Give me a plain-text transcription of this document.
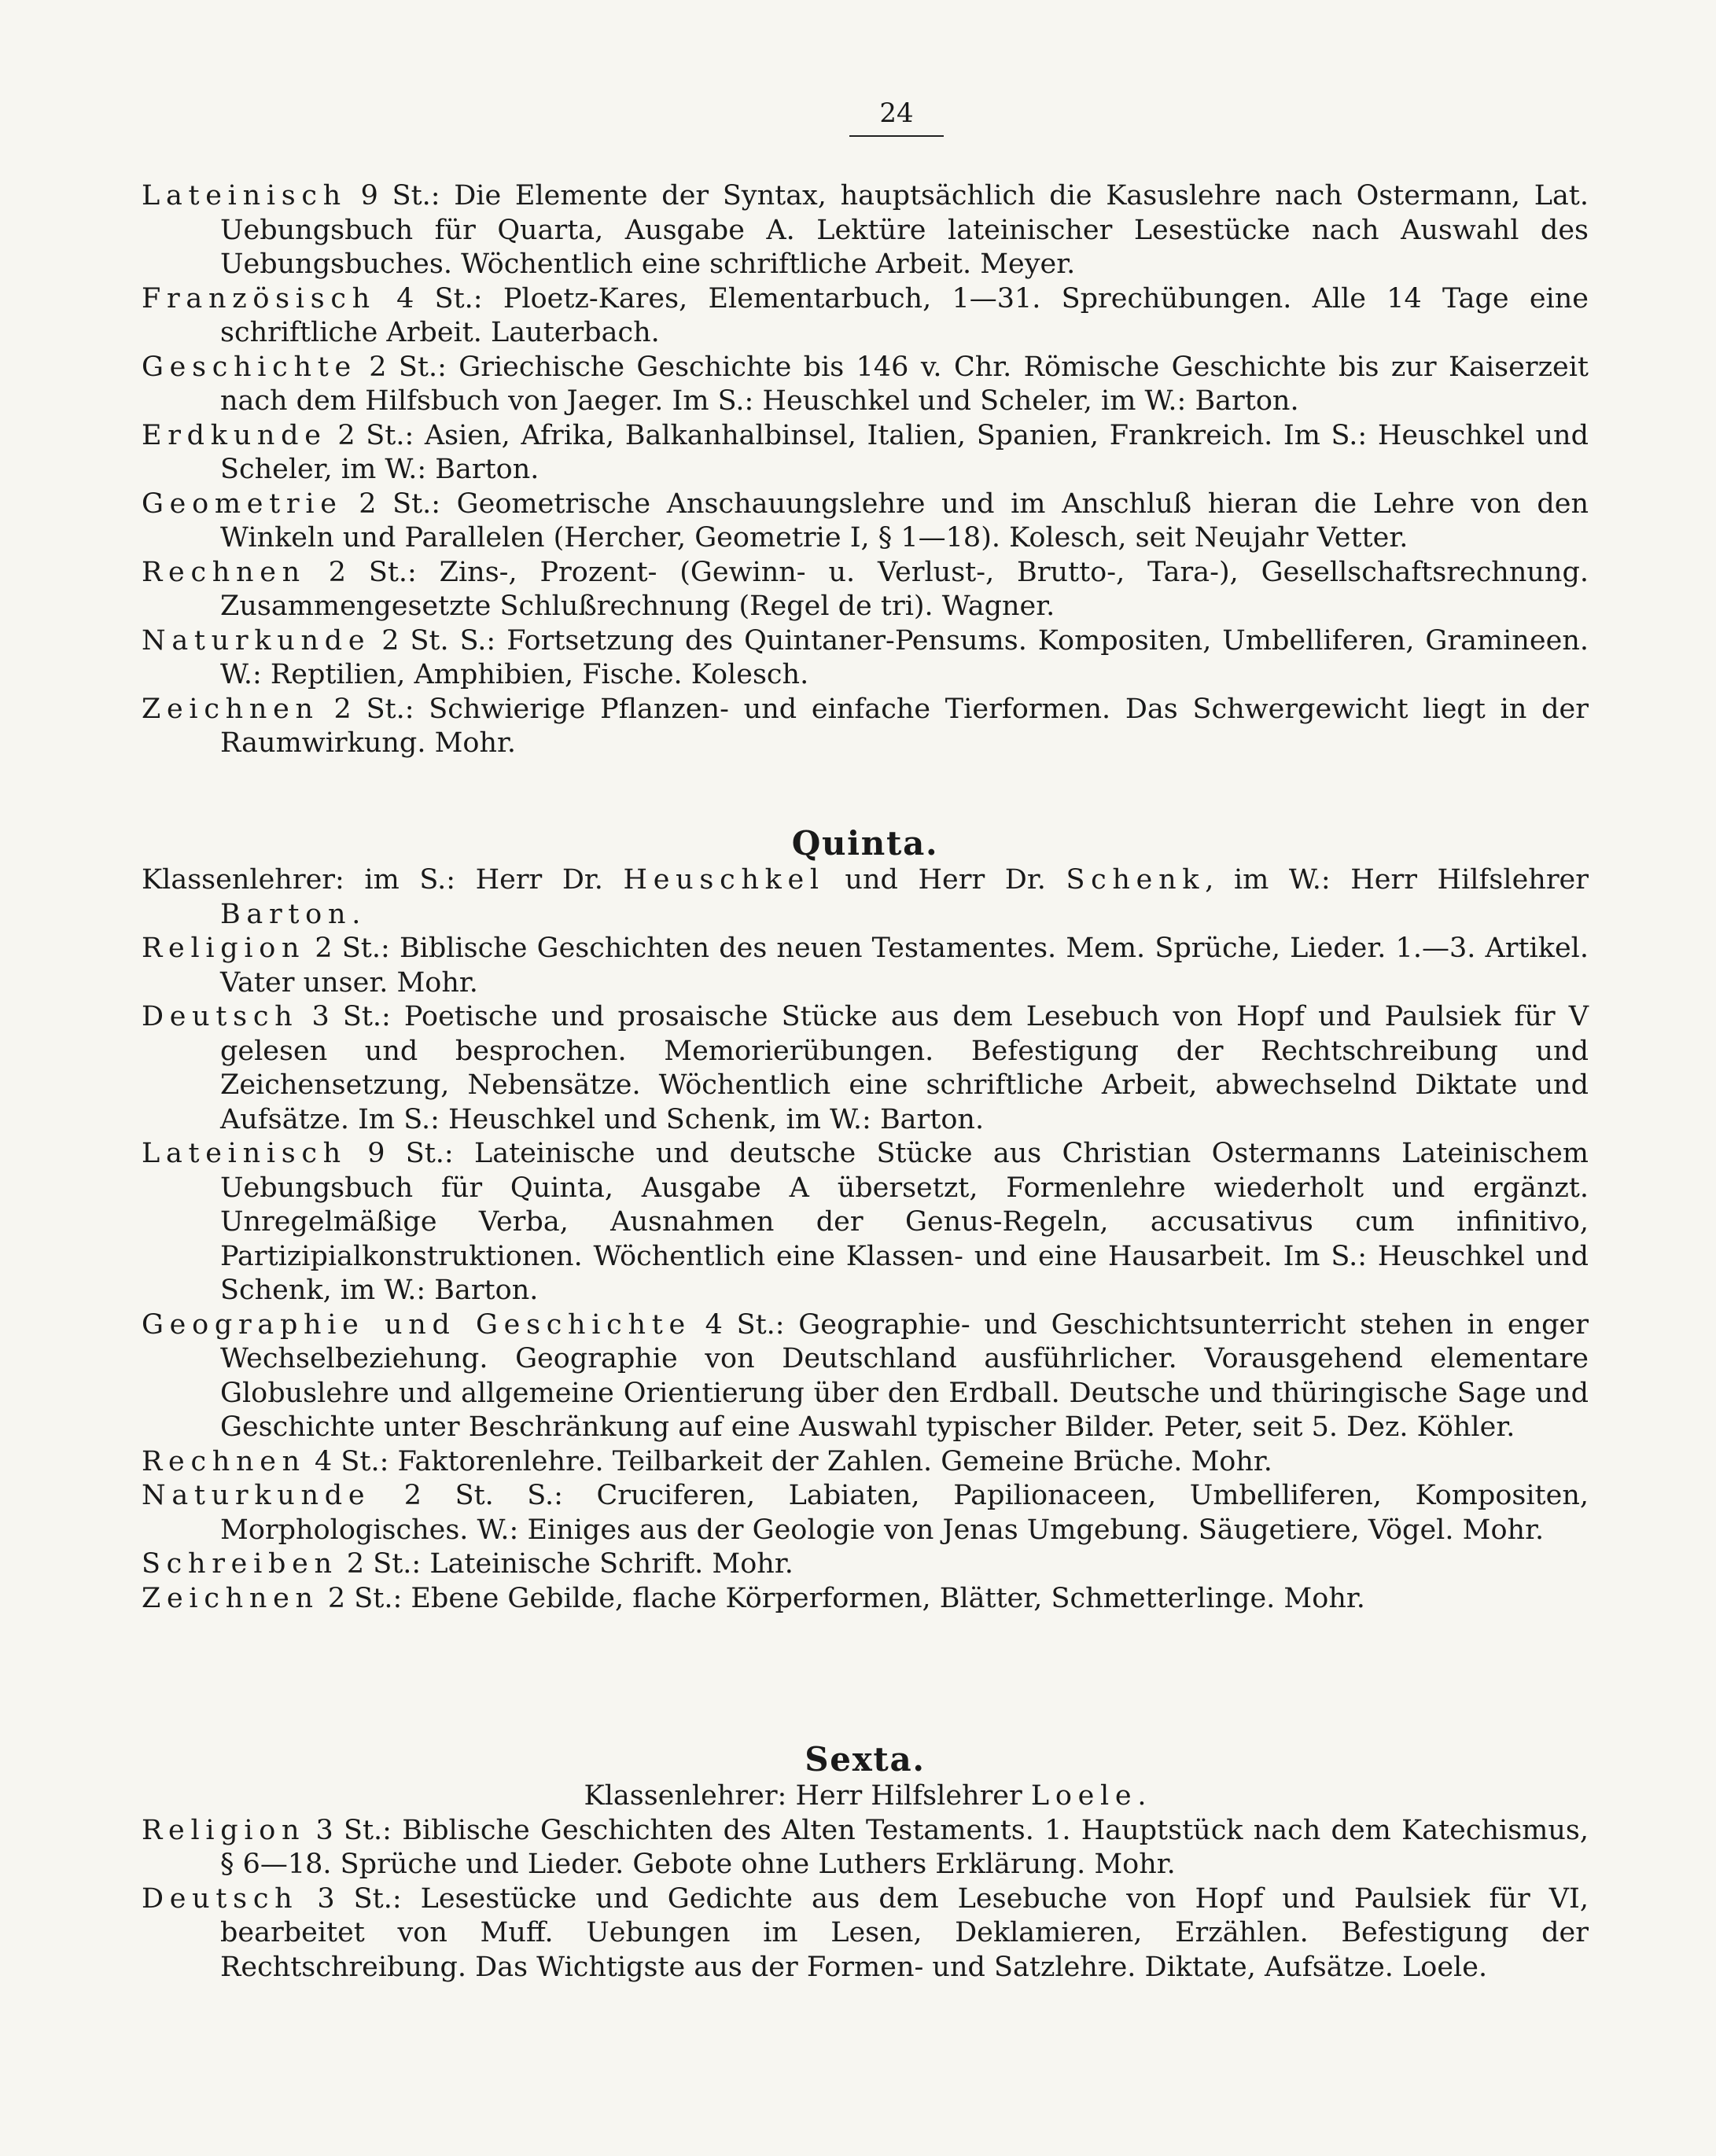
24

Lateinisch 9 St.: Die Elemente der Syntax, hauptsächlich die Kasuslehre nach Ostermann, Lat. Uebungsbuch für Quarta, Ausgabe A. Lektüre lateinischer Lesestücke nach Auswahl des Uebungsbuches. Wöchentlich eine schriftliche Arbeit. Meyer.

Französisch 4 St.: Ploetz-Kares, Elementarbuch, 1—31. Sprechübungen. Alle 14 Tage eine schriftliche Arbeit. Lauterbach.

Geschichte 2 St.: Griechische Geschichte bis 146 v. Chr. Römische Geschichte bis zur Kaiserzeit nach dem Hilfsbuch von Jaeger. Im S.: Heuschkel und Scheler, im W.: Barton.

Erdkunde 2 St.: Asien, Afrika, Balkanhalbinsel, Italien, Spanien, Frankreich. Im S.: Heuschkel und Scheler, im W.: Barton.

Geometrie 2 St.: Geometrische Anschauungslehre und im Anschluß hieran die Lehre von den Winkeln und Parallelen (Hercher, Geometrie I, § 1—18). Kolesch, seit Neujahr Vetter.

Rechnen 2 St.: Zins-, Prozent- (Gewinn- u. Verlust-, Brutto-, Tara-), Gesellschaftsrechnung. Zusammengesetzte Schlußrechnung (Regel de tri). Wagner.

Naturkunde 2 St. S.: Fortsetzung des Quintaner-Pensums. Kompositen, Umbelliferen, Gramineen. W.: Reptilien, Amphibien, Fische. Kolesch.

Zeichnen 2 St.: Schwierige Pflanzen- und einfache Tierformen. Das Schwergewicht liegt in der Raumwirkung. Mohr.

Quinta.

Klassenlehrer: im S.: Herr Dr. Heuschkel und Herr Dr. Schenk, im W.: Herr Hilfslehrer Barton.

Religion 2 St.: Biblische Geschichten des neuen Testamentes. Mem. Sprüche, Lieder. 1.—3. Artikel. Vater unser. Mohr.

Deutsch 3 St.: Poetische und prosaische Stücke aus dem Lesebuch von Hopf und Paulsiek für V gelesen und besprochen. Memorierübungen. Befestigung der Rechtschreibung und Zeichensetzung, Nebensätze. Wöchentlich eine schriftliche Arbeit, abwechselnd Diktate und Aufsätze. Im S.: Heuschkel und Schenk, im W.: Barton.

Lateinisch 9 St.: Lateinische und deutsche Stücke aus Christian Ostermanns Lateinischem Uebungsbuch für Quinta, Ausgabe A übersetzt, Formenlehre wiederholt und ergänzt. Unregelmäßige Verba, Ausnahmen der Genus-Regeln, accusativus cum infinitivo, Partizipialkonstruktionen. Wöchentlich eine Klassen- und eine Hausarbeit. Im S.: Heuschkel und Schenk, im W.: Barton.

Geographie und Geschichte 4 St.: Geographie- und Geschichtsunterricht stehen in enger Wechselbeziehung. Geographie von Deutschland ausführlicher. Vorausgehend elementare Globuslehre und allgemeine Orientierung über den Erdball. Deutsche und thüringische Sage und Geschichte unter Beschränkung auf eine Auswahl typischer Bilder. Peter, seit 5. Dez. Köhler.

Rechnen 4 St.: Faktorenlehre. Teilbarkeit der Zahlen. Gemeine Brüche. Mohr.

Naturkunde 2 St. S.: Cruciferen, Labiaten, Papilionaceen, Umbelliferen, Kompositen, Morphologisches. W.: Einiges aus der Geologie von Jenas Umgebung. Säugetiere, Vögel. Mohr.

Schreiben 2 St.: Lateinische Schrift. Mohr.

Zeichnen 2 St.: Ebene Gebilde, flache Körperformen, Blätter, Schmetterlinge. Mohr.

Sexta.
Klassenlehrer: Herr Hilfslehrer Loele.

Religion 3 St.: Biblische Geschichten des Alten Testaments. 1. Hauptstück nach dem Katechismus, § 6—18. Sprüche und Lieder. Gebote ohne Luthers Erklärung. Mohr.

Deutsch 3 St.: Lesestücke und Gedichte aus dem Lesebuche von Hopf und Paulsiek für VI, bearbeitet von Muff. Uebungen im Lesen, Deklamieren, Erzählen. Befestigung der Rechtschreibung. Das Wichtigste aus der Formen- und Satzlehre. Diktate, Aufsätze. Loele.
